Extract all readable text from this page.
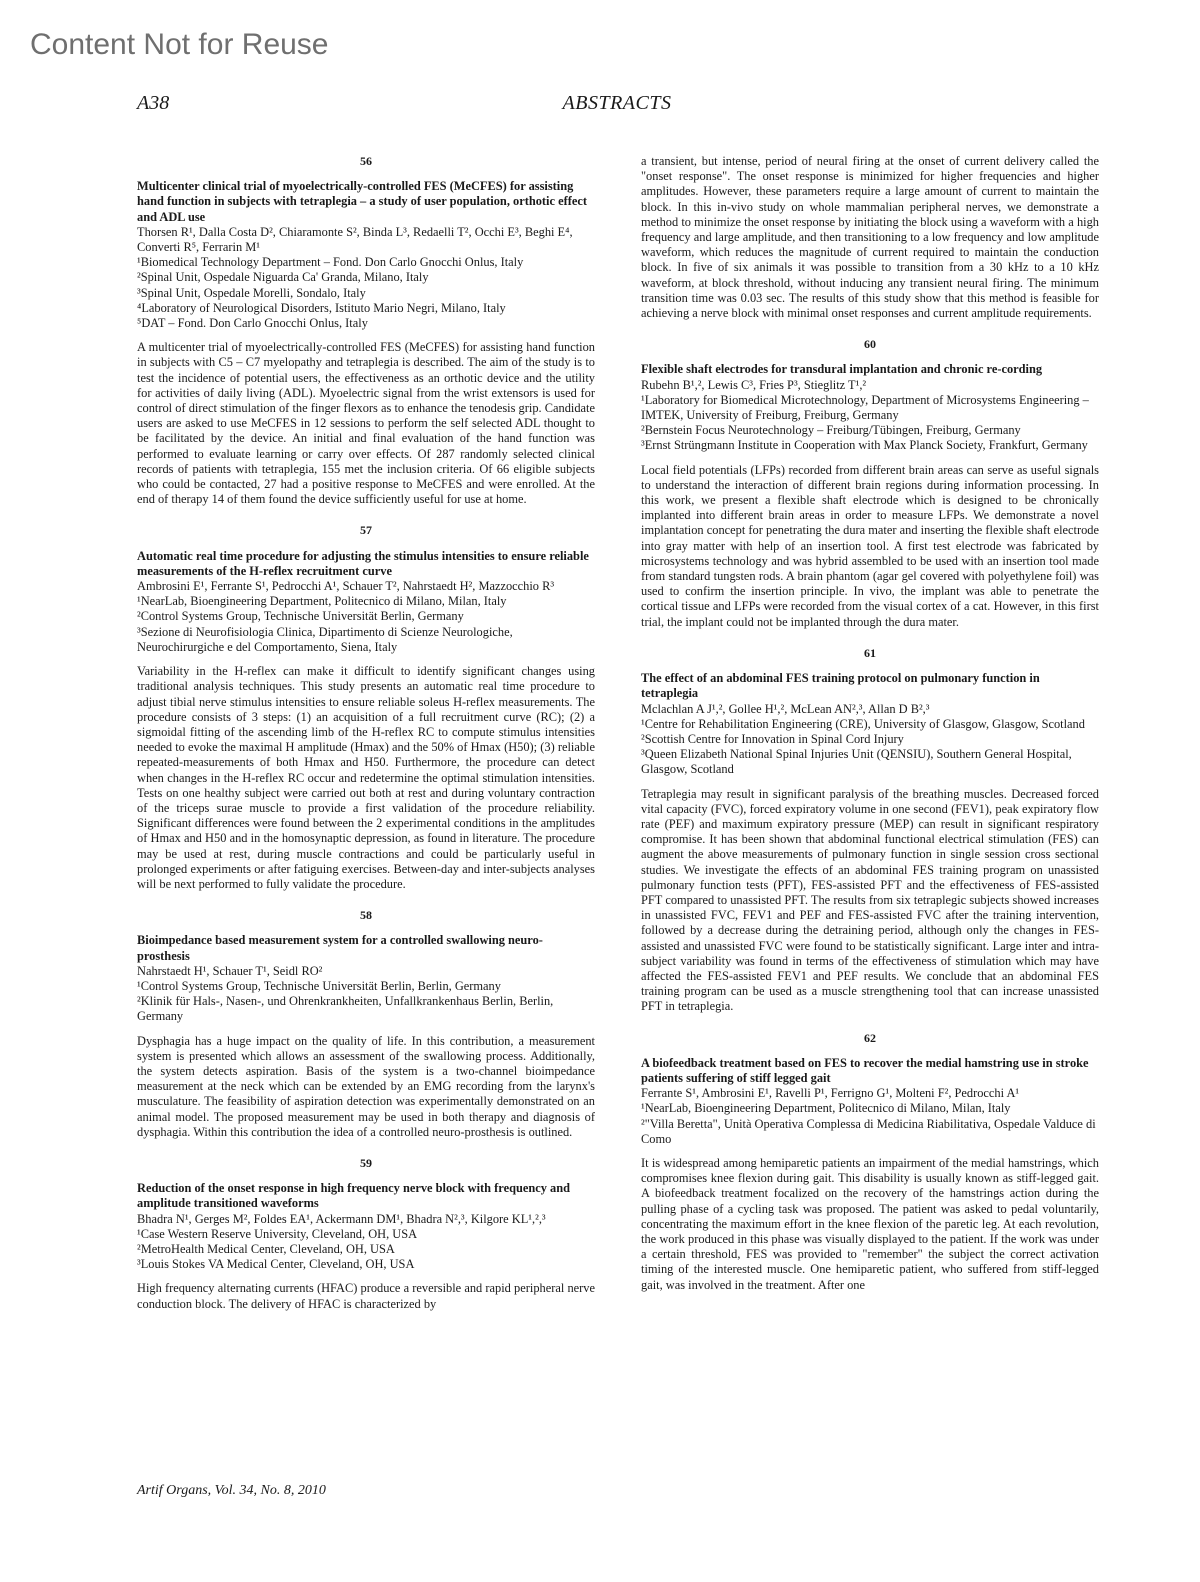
Content Not for Reuse
A38	ABSTRACTS
56

Multicenter clinical trial of myoelectrically-controlled FES (MeCFES) for assisting hand function in subjects with tetraplegia – a study of user population, orthotic effect and ADL use

Thorsen R¹, Dalla Costa D², Chiaramonte S², Binda L³, Redaelli T², Occhi E³, Beghi E⁴, Converti R⁵, Ferrarin M¹

¹Biomedical Technology Department – Fond. Don Carlo Gnocchi Onlus, Italy

²Spinal Unit, Ospedale Niguarda Ca' Granda, Milano, Italy

³Spinal Unit, Ospedale Morelli, Sondalo, Italy

⁴Laboratory of Neurological Disorders, Istituto Mario Negri, Milano, Italy

⁵DAT – Fond. Don Carlo Gnocchi Onlus, Italy

A multicenter trial of myoelectrically-controlled FES (MeCFES) for assisting hand function in subjects with C5 – C7 myelopathy and tetraplegia is described. The aim of the study is to test the incidence of potential users, the effectiveness as an orthotic device and the utility for activities of daily living (ADL). Myoelectric signal from the wrist extensors is used for control of direct stimulation of the finger flexors as to enhance the tenodesis grip. Candidate users are asked to use MeCFES in 12 sessions to perform the self selected ADL thought to be facilitated by the device. An initial and final evaluation of the hand function was performed to evaluate learning or carry over effects. Of 287 randomly selected clinical records of patients with tetraplegia, 155 met the inclusion criteria. Of 66 eligible subjects who could be contacted, 27 had a positive response to MeCFES and were enrolled. At the end of therapy 14 of them found the device sufficiently useful for use at home.

57

Automatic real time procedure for adjusting the stimulus intensities to ensure reliable measurements of the H-reflex recruitment curve

Ambrosini E¹, Ferrante S¹, Pedrocchi A¹, Schauer T², Nahrstaedt H², Mazzocchio R³

¹NearLab, Bioengineering Department, Politecnico di Milano, Milan, Italy

²Control Systems Group, Technische Universität Berlin, Germany

³Sezione di Neurofisiologia Clinica, Dipartimento di Scienze Neurologiche, Neurochirurgiche e del Comportamento, Siena, Italy

Variability in the H-reflex can make it difficult to identify significant changes using traditional analysis techniques. This study presents an automatic real time procedure to adjust tibial nerve stimulus intensities to ensure reliable soleus H-reflex measurements. The procedure consists of 3 steps: (1) an acquisition of a full recruitment curve (RC); (2) a sigmoidal fitting of the ascending limb of the H-reflex RC to compute stimulus intensities needed to evoke the maximal H amplitude (Hmax) and the 50% of Hmax (H50); (3) reliable repeated-measurements of both Hmax and H50. Furthermore, the procedure can detect when changes in the H-reflex RC occur and redetermine the optimal stimulation intensities. Tests on one healthy subject were carried out both at rest and during voluntary contraction of the triceps surae muscle to provide a first validation of the procedure reliability. Significant differences were found between the 2 experimental conditions in the amplitudes of Hmax and H50 and in the homosynaptic depression, as found in literature. The procedure may be used at rest, during muscle contractions and could be particularly useful in prolonged experiments or after fatiguing exercises. Between-day and inter-subjects analyses will be next performed to fully validate the procedure.

58

Bioimpedance based measurement system for a controlled swallowing neuro-prosthesis

Nahrstaedt H¹, Schauer T¹, Seidl RO²

¹Control Systems Group, Technische Universität Berlin, Berlin, Germany

²Klinik für Hals-, Nasen-, und Ohrenkrankheiten, Unfallkrankenhaus Berlin, Berlin, Germany

Dysphagia has a huge impact on the quality of life. In this contribution, a measurement system is presented which allows an assessment of the swallowing process. Additionally, the system detects aspiration. Basis of the system is a two-channel bioimpedance measurement at the neck which can be extended by an EMG recording from the larynx's musculature. The feasibility of aspiration detection was experimentally demonstrated on an animal model. The proposed measurement may be used in both therapy and diagnosis of dysphagia. Within this contribution the idea of a controlled neuro-prosthesis is outlined.

59

Reduction of the onset response in high frequency nerve block with frequency and amplitude transitioned waveforms

Bhadra N¹, Gerges M², Foldes EA¹, Ackermann DM¹, Bhadra N²,³, Kilgore KL¹,²,³

¹Case Western Reserve University, Cleveland, OH, USA

²MetroHealth Medical Center, Cleveland, OH, USA

³Louis Stokes VA Medical Center, Cleveland, OH, USA

High frequency alternating currents (HFAC) produce a reversible and rapid peripheral nerve conduction block. The delivery of HFAC is characterized by

a transient, but intense, period of neural firing at the onset of current delivery called the "onset response". The onset response is minimized for higher frequencies and higher amplitudes. However, these parameters require a large amount of current to maintain the block. In this in-vivo study on whole mammalian peripheral nerves, we demonstrate a method to minimize the onset response by initiating the block using a waveform with a high frequency and large amplitude, and then transitioning to a low frequency and low amplitude waveform, which reduces the magnitude of current required to maintain the conduction block. In five of six animals it was possible to transition from a 30 kHz to a 10 kHz waveform, at block threshold, without inducing any transient neural firing. The minimum transition time was 0.03 sec. The results of this study show that this method is feasible for achieving a nerve block with minimal onset responses and current amplitude requirements.

60

Flexible shaft electrodes for transdural implantation and chronic re-cording

Rubehn B¹,², Lewis C³, Fries P³, Stieglitz T¹,²

¹Laboratory for Biomedical Microtechnology, Department of Microsystems Engineering – IMTEK, University of Freiburg, Freiburg, Germany

²Bernstein Focus Neurotechnology – Freiburg/Tübingen, Freiburg, Germany

³Ernst Strüngmann Institute in Cooperation with Max Planck Society, Frankfurt, Germany

Local field potentials (LFPs) recorded from different brain areas can serve as useful signals to understand the interaction of different brain regions during information processing. In this work, we present a flexible shaft electrode which is designed to be chronically implanted into different brain areas in order to measure LFPs. We demonstrate a novel implantation concept for penetrating the dura mater and inserting the flexible shaft electrode into gray matter with help of an insertion tool. A first test electrode was fabricated by microsystems technology and was hybrid assembled to be used with an insertion tool made from standard tungsten rods. A brain phantom (agar gel covered with polyethylene foil) was used to confirm the insertion principle. In vivo, the implant was able to penetrate the cortical tissue and LFPs were recorded from the visual cortex of a cat. However, in this first trial, the implant could not be implanted through the dura mater.

61

The effect of an abdominal FES training protocol on pulmonary function in tetraplegia

Mclachlan A J¹,², Gollee H¹,², McLean AN²,³, Allan D B²,³

¹Centre for Rehabilitation Engineering (CRE), University of Glasgow, Glasgow, Scotland

²Scottish Centre for Innovation in Spinal Cord Injury

³Queen Elizabeth National Spinal Injuries Unit (QENSIU), Southern General Hospital, Glasgow, Scotland

Tetraplegia may result in significant paralysis of the breathing muscles. Decreased forced vital capacity (FVC), forced expiratory volume in one second (FEV1), peak expiratory flow rate (PEF) and maximum expiratory pressure (MEP) can result in significant respiratory compromise. It has been shown that abdominal functional electrical stimulation (FES) can augment the above measurements of pulmonary function in single session cross sectional studies. We investigate the effects of an abdominal FES training program on unassisted pulmonary function tests (PFT), FES-assisted PFT and the effectiveness of FES-assisted PFT compared to unassisted PFT. The results from six tetraplegic subjects showed increases in unassisted FVC, FEV1 and PEF and FES-assisted FVC after the training intervention, followed by a decrease during the detraining period, although only the changes in FES-assisted and unassisted FVC were found to be statistically significant. Large inter and intra-subject variability was found in terms of the effectiveness of stimulation which may have affected the FES-assisted FEV1 and PEF results. We conclude that an abdominal FES training program can be used as a muscle strengthening tool that can increase unassisted PFT in tetraplegia.

62

A biofeedback treatment based on FES to recover the medial hamstring use in stroke patients suffering of stiff legged gait

Ferrante S¹, Ambrosini E¹, Ravelli P¹, Ferrigno G¹, Molteni F², Pedrocchi A¹

¹NearLab, Bioengineering Department, Politecnico di Milano, Milan, Italy

²"Villa Beretta", Unità Operativa Complessa di Medicina Riabilitativa, Ospedale Valduce di Como

It is widespread among hemiparetic patients an impairment of the medial hamstrings, which compromises knee flexion during gait. This disability is usually known as stiff-legged gait. A biofeedback treatment focalized on the recovery of the hamstrings action during the pulling phase of a cycling task was proposed. The patient was asked to pedal voluntarily, concentrating the maximum effort in the knee flexion of the paretic leg. At each revolution, the work produced in this phase was visually displayed to the patient. If the work was under a certain threshold, FES was provided to "remember" the subject the correct activation timing of the interested muscle. One hemiparetic patient, who suffered from stiff-legged gait, was involved in the treatment. After one

Artif Organs, Vol. 34, No. 8, 2010
